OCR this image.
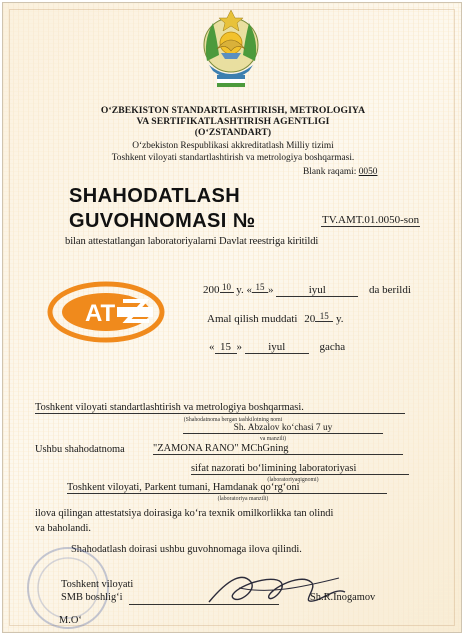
O‘ZBEKISTON STANDARTLASHTIRISH, METROLOGIYA
VA SERTIFIKATLASHTIRISH AGENTLIGI
(O‘ZSTANDART)
O‘zbekiston Respublikasi akkreditatlash Milliy tizimi
Toshkent viloyati standartlashtirish va metrologiya boshqarmasi.
Blank raqami: 0050
SHAHODATLASH
GUVOHNOMASI №	TV.AMT.01.0050-son
bilan attestatlangan laboratoriyalarni Davlat reestriga kiritildi
AT
200 10 y. « 15 »	iyul	da berildi
Amal qilish muddati 20 15 y.
« 15 » iyul	gacha
Toshkent viloyati standartlashtirish va metrologiya boshqarmasi.
(Shahodatnoma bergan tashkilotning nomi
Sh. Abzalov ko‘chasi 7 uy
va manzili)
Ushbu shahodatnoma	"ZAMONA RANO" MChGning
sifat nazorati bo‘limining laboratoriyasi
(laboratoriyaqignomi)
Toshkent viloyati, Parkent tumani, Hamdanak qo‘rg‘oni
(laboratoriya manzili)
ilova qilingan attestatsiya doirasiga ko‘ra texnik omilkorlikka tan olindi
va baholandi.
Shahodatlash doirasi ushbu guvohnomaga ilova qilindi.
Toshkent viloyati
SMB boshlig‘i	Sh.R.Inogamov
M.O‘
